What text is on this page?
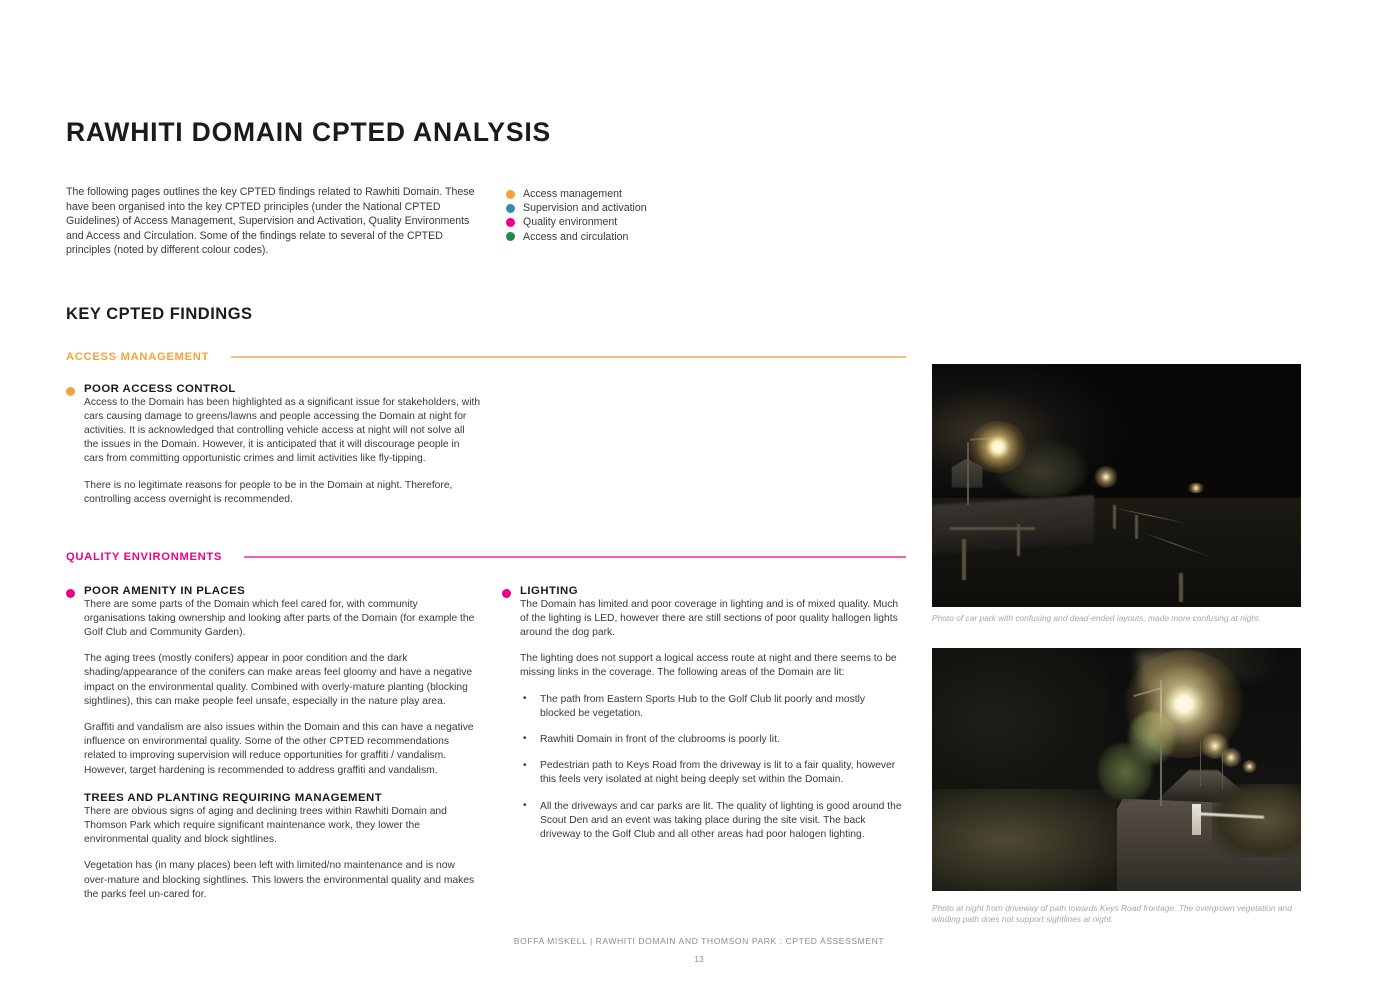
RAWHITI DOMAIN CPTED ANALYSIS
The following pages outlines the key CPTED findings related to Rawhiti Domain. These have been organised into the key CPTED principles (under the National CPTED Guidelines) of Access Management, Supervision and Activation, Quality Environments and Access and Circulation. Some of the findings relate to several of the CPTED principles (noted by different colour codes).
Access management
Supervision and activation
Quality environment
Access and circulation
KEY CPTED FINDINGS
ACCESS MANAGEMENT
POOR ACCESS CONTROL

Access to the Domain has been highlighted as a significant issue for stakeholders, with cars causing damage to greens/lawns and people accessing the Domain at night for activities. It is acknowledged that controlling vehicle access at night will not solve all the issues in the Domain. However, it is anticipated that it will discourage people in cars from committing opportunistic crimes and limit activities like fly-tipping.

There is no legitimate reasons for people to be in the Domain at night. Therefore, controlling access overnight is recommended.

QUALITY ENVIRONMENTS
POOR AMENITY IN PLACES

There are some parts of the Domain which feel cared for, with community organisations taking ownership and looking after parts of the Domain (for example the Golf Club and Community Garden).

The aging trees (mostly conifers) appear in poor condition and the dark shading/appearance of the conifers can make areas feel gloomy and have a negative impact on the environmental quality. Combined with overly-mature planting (blocking sightlines), this can make people feel unsafe, especially in the nature play area.

Graffiti and vandalism are also issues within the Domain and this can have a negative influence on environmental quality. Some of the other CPTED recommendations related to improving supervision will reduce opportunities for graffiti / vandalism. However, target hardening is recommended to address graffiti and vandalism.

TREES AND PLANTING REQUIRING MANAGEMENT

There are obvious signs of aging and declining trees within Rawhiti Domain and Thomson Park which require significant maintenance work, they lower the environmental quality and block sightlines.

Vegetation has (in many places) been left with limited/no maintenance and is now over-mature and blocking sightlines. This lowers the environmental quality and makes the parks feel un-cared for.

LIGHTING

The Domain has limited and poor coverage in lighting and is of mixed quality. Much of the lighting is LED, however there are still sections of poor quality hallogen lights around the dog park.

The lighting does not support a logical access route at night and there seems to be missing links in the coverage. The following areas of the Domain are lit:

• The path from Eastern Sports Hub to the Golf Club lit poorly and mostly blocked be vegetation.
• Rawhiti Domain in front of the clubrooms is poorly lit.
• Pedestrian path to Keys Road from the driveway is lit to a fair quality, however this feels very isolated at night being deeply set within the Domain.
• All the driveways and car parks are lit. The quality of lighting is good around the Scout Den and an event was taking place during the site visit. The back driveway to the Golf Club and all other areas had poor halogen lighting.
Photo of car park with confusing and dead-ended layouts, made more confusing at night.
Photo at night from driveway of path towards Keys Road frontage. The overgrown vegetation and winding path does not support sightlines at night.
BOFFA MISKELL | RAWHITI DOMAIN AND THOMSON PARK : CPTED ASSESSMENT
13
